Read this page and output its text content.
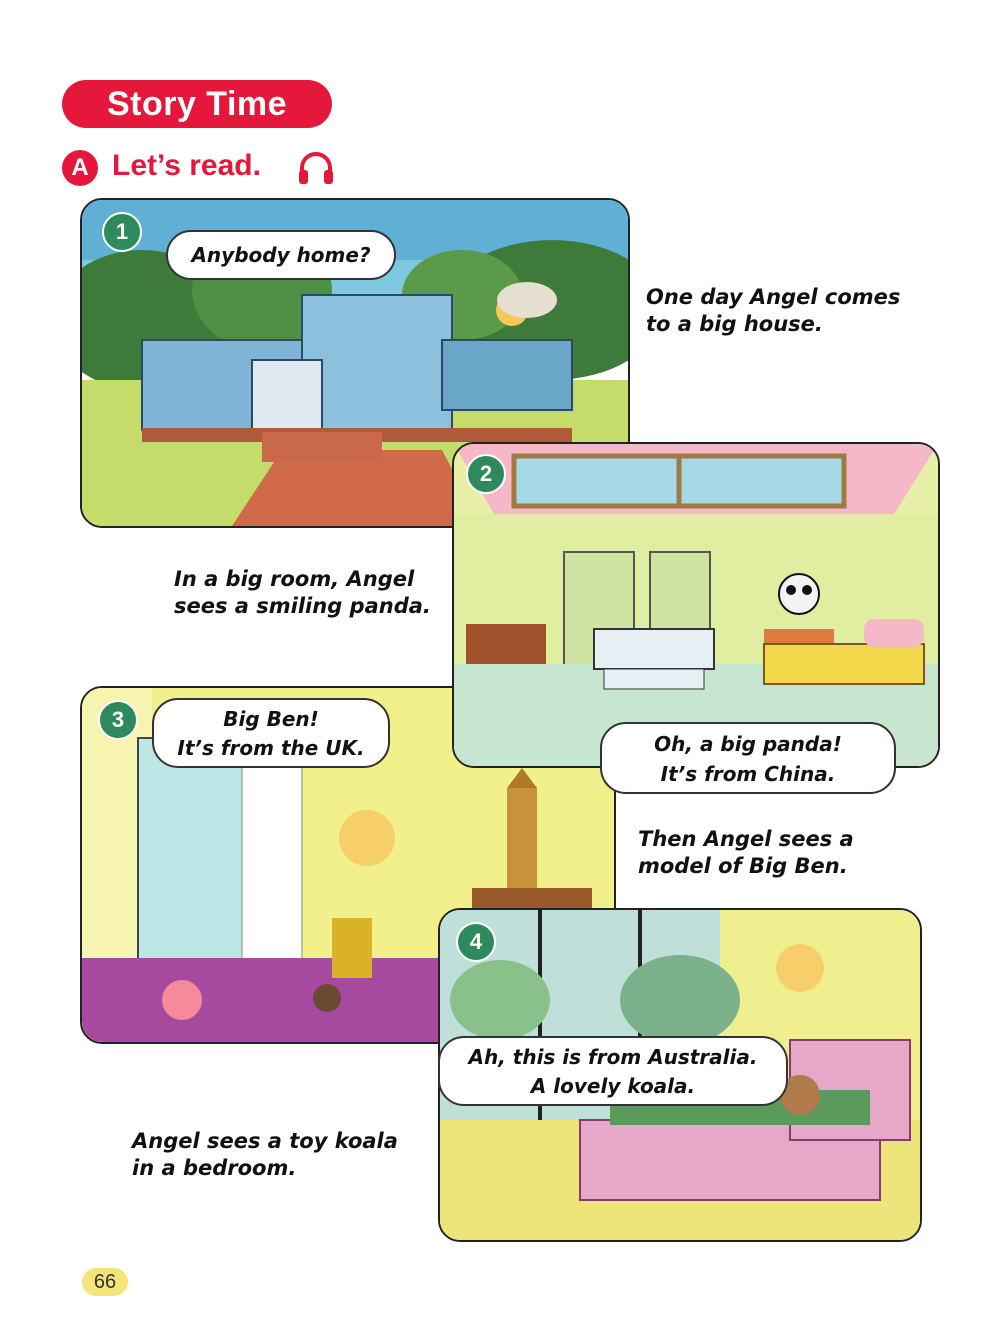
Story Time
A Let’s read.
1
Anybody home?
One day Angel comes
to a big house.
2
Oh, a big panda!
It’s from China.
In a big room, Angel
sees a smiling panda.
3	Big Ben!
It’s from the UK.
Then Angel sees a
model of Big Ben.
4
Ah, this is from Australia.
A lovely koala.
Angel sees a toy koala
in a bedroom.
66
